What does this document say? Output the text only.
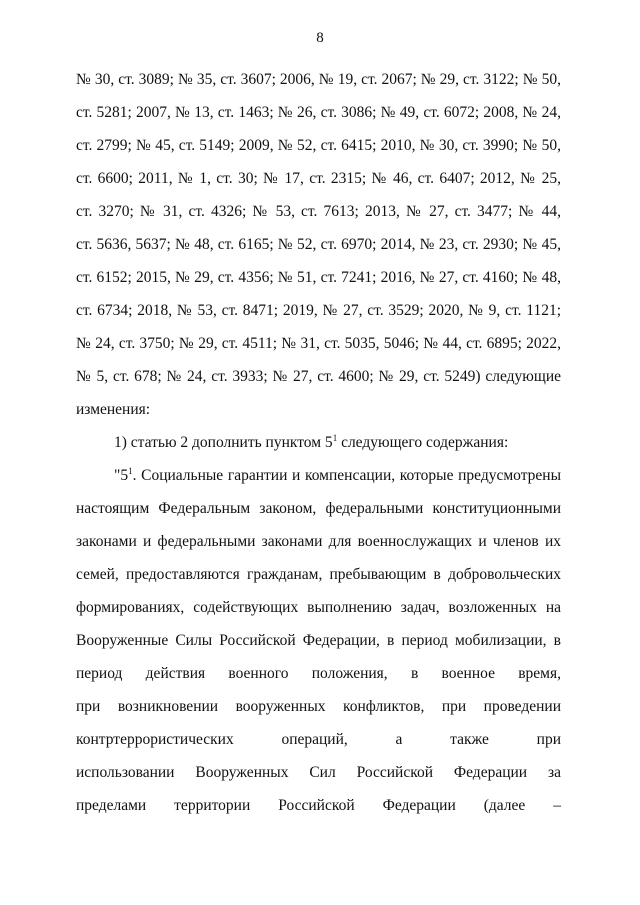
8
№ 30, ст. 3089; № 35, ст. 3607; 2006, № 19, ст. 2067; № 29, ст. 3122; № 50,
ст. 5281; 2007, № 13, ст. 1463; № 26, ст. 3086; № 49, ст. 6072; 2008, № 24,
ст. 2799; № 45, ст. 5149; 2009, № 52, ст. 6415; 2010, № 30, ст. 3990; № 50,
ст. 6600; 2011, № 1, ст. 30; № 17, ст. 2315; № 46, ст. 6407; 2012, № 25,
ст. 3270; № 31, ст. 4326; № 53, ст. 7613; 2013, № 27, ст. 3477; № 44,
ст. 5636, 5637; № 48, ст. 6165; № 52, ст. 6970; 2014, № 23, ст. 2930; № 45,
ст. 6152; 2015, № 29, ст. 4356; № 51, ст. 7241; 2016, № 27, ст. 4160; № 48,
ст. 6734; 2018, № 53, ст. 8471; 2019, № 27, ст. 3529; 2020, № 9, ст. 1121;
№ 24, ст. 3750; № 29, ст. 4511; № 31, ст. 5035, 5046; № 44, ст. 6895; 2022,
№ 5, ст. 678; № 24, ст. 3933; № 27, ст. 4600; № 29, ст. 5249) следующие
изменения:
1) статью 2 дополнить пунктом $5^1$ следующего содержания:
"$5^1$. Социальные гарантии и компенсации, которые предусмотрены
настоящим Федеральным законом, федеральными конституционными
законами и федеральными законами для военнослужащих и членов их
семей, предоставляются гражданам, пребывающим в добровольческих
формированиях, содействующих выполнению задач, возложенных на
Вооруженные Силы Российской Федерации, в период мобилизации, в
период действия военного положения, в военное время,
при возникновении вооруженных конфликтов, при проведении
контртеррористических операций, а также при
использовании Вооруженных Сил Российской Федерации за
пределами территории Российской Федерации (далее –
